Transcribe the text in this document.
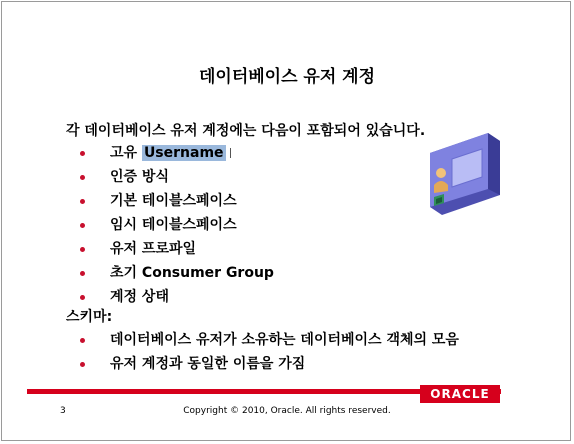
데이터베이스 유저 계정
각 데이터베이스 유저 계정에는 다음이 포함되어 있습니다.
고유 Username
인증 방식
기본 테이블스페이스
임시 테이블스페이스
유저 프로파일
초기 Consumer Group
계정 상태
스키마:
데이터베이스 유저가 소유하는 데이터베이스 객체의 모음
유저 계정과 동일한 이름을 가짐
ORACLE
3	Copyright © 2010, Oracle. All rights reserved.
